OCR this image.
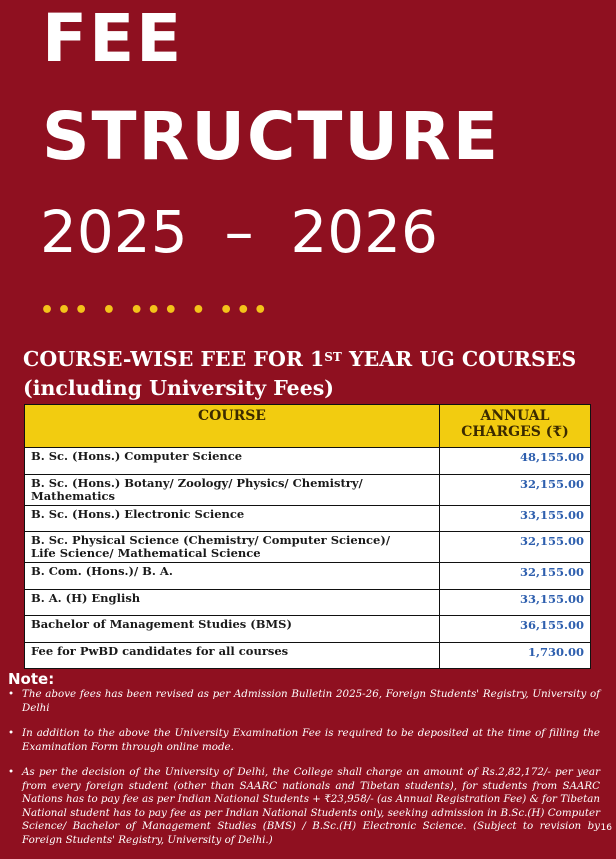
FEE
STRUCTURE
2025  –  2026
••• • ••• • •••
COURSE-WISE FEE FOR 1ST YEAR UG COURSES
(including University Fees)
COURSE	ANNUAL CHARGES (₹)
B. Sc. (Hons.) Computer Science	48,155.00
B. Sc. (Hons.) Botany/ Zoology/ Physics/ Chemistry/ Mathematics	32,155.00
B. Sc. (Hons.) Electronic Science	33,155.00
B. Sc. Physical Science (Chemistry/ Computer Science)/
Life Science/ Mathematical Science	32,155.00
B. Com. (Hons.)/ B. A.	32,155.00
B. A. (H) English	33,155.00
Bachelor of Management Studies (BMS)	36,155.00
Fee for PwBD candidates for all courses	1,730.00
Note:
• The above fees has been revised as per Admission Bulletin 2025-26, Foreign Students' Registry, University of Delhi
• In addition to the above the University Examination Fee is required to be deposited at the time of filling the Examination Form through online mode.
• As per the decision of the University of Delhi, the College shall charge an amount of Rs.2,82,172/- per year from every foreign student (other than SAARC nationals and Tibetan students), for students from SAARC Nations has to pay fee as per Indian National Students + ₹23,958/- (as Annual Registration Fee) & for Tibetan National student has to pay fee as per Indian National Students only, seeking admission in B.Sc.(H) Computer Science/ Bachelor of Management Studies (BMS) / B.Sc.(H) Electronic Science. (Subject to revision by Foreign Students' Registry, University of Delhi.)
16
